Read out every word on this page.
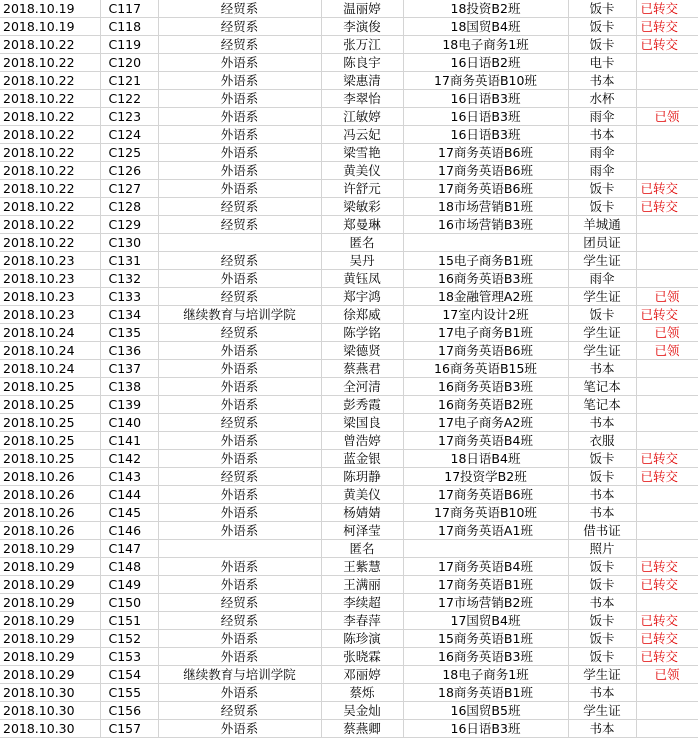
2018.10.19	C117	经贸系	温丽婷	18投资B2班	饭卡	已转交
2018.10.19	C118	经贸系	李演俊	18国贸B4班	饭卡	已转交
2018.10.22	C119	经贸系	张万江	18电子商务1班	饭卡	已转交
2018.10.22	C120	外语系	陈良宇	16日语B2班	电卡	
2018.10.22	C121	外语系	梁惠清	17商务英语B10班	书本	
2018.10.22	C122	外语系	李翠怡	16日语B3班	水杯	
2018.10.22	C123	外语系	江敏婷	16日语B3班	雨伞	已领
2018.10.22	C124	外语系	冯云妃	16日语B3班	书本	
2018.10.22	C125	外语系	梁雪艳	17商务英语B6班	雨伞	
2018.10.22	C126	外语系	黄美仪	17商务英语B6班	雨伞	
2018.10.22	C127	外语系	许舒元	17商务英语B6班	饭卡	已转交
2018.10.22	C128	经贸系	梁敏彩	18市场营销B1班	饭卡	已转交
2018.10.22	C129	经贸系	郑曼琳	16市场营销B3班	羊城通	
2018.10.22	C130		匿名		团员证	
2018.10.23	C131	经贸系	吴丹	15电子商务B1班	学生证	
2018.10.23	C132	外语系	黄钰凤	16商务英语B3班	雨伞	
2018.10.23	C133	经贸系	郑宇鸿	18金融管理A2班	学生证	已领
2018.10.23	C134	继续教育与培训学院	徐郑威	17室内设计2班	饭卡	已转交
2018.10.24	C135	经贸系	陈学铭	17电子商务B1班	学生证	已领
2018.10.24	C136	外语系	梁德贤	17商务英语B6班	学生证	已领
2018.10.24	C137	外语系	蔡燕君	16商务英语B15班	书本	
2018.10.25	C138	外语系	全河清	16商务英语B3班	笔记本	
2018.10.25	C139	外语系	彭秀霞	16商务英语B2班	笔记本	
2018.10.25	C140	经贸系	梁国良	17电子商务A2班	书本	
2018.10.25	C141	外语系	曾浩婷	17商务英语B4班	衣服	
2018.10.25	C142	外语系	蓝金银	18日语B4班	饭卡	已转交
2018.10.26	C143	经贸系	陈玥静	17投资学B2班	饭卡	已转交
2018.10.26	C144	外语系	黄美仪	17商务英语B6班	书本	
2018.10.26	C145	外语系	杨婧婧	17商务英语B10班	书本	
2018.10.26	C146	外语系	柯泽莹	17商务英语A1班	借书证	
2018.10.29	C147		匿名		照片	
2018.10.29	C148	外语系	王紫慧	17商务英语B4班	饭卡	已转交
2018.10.29	C149	外语系	王满丽	17商务英语B1班	饭卡	已转交
2018.10.29	C150	经贸系	李续超	17市场营销B2班	书本	
2018.10.29	C151	经贸系	李春萍	17国贸B4班	饭卡	已转交
2018.10.29	C152	外语系	陈珍演	15商务英语B1班	饭卡	已转交
2018.10.29	C153	外语系	张晓霖	16商务英语B3班	饭卡	已转交
2018.10.29	C154	继续教育与培训学院	邓丽婷	18电子商务1班	学生证	已领
2018.10.30	C155	外语系	蔡烁	18商务英语B1班	书本	
2018.10.30	C156	经贸系	吴金灿	16国贸B5班	学生证	
2018.10.30	C157	外语系	蔡燕卿	16日语B3班	书本	
